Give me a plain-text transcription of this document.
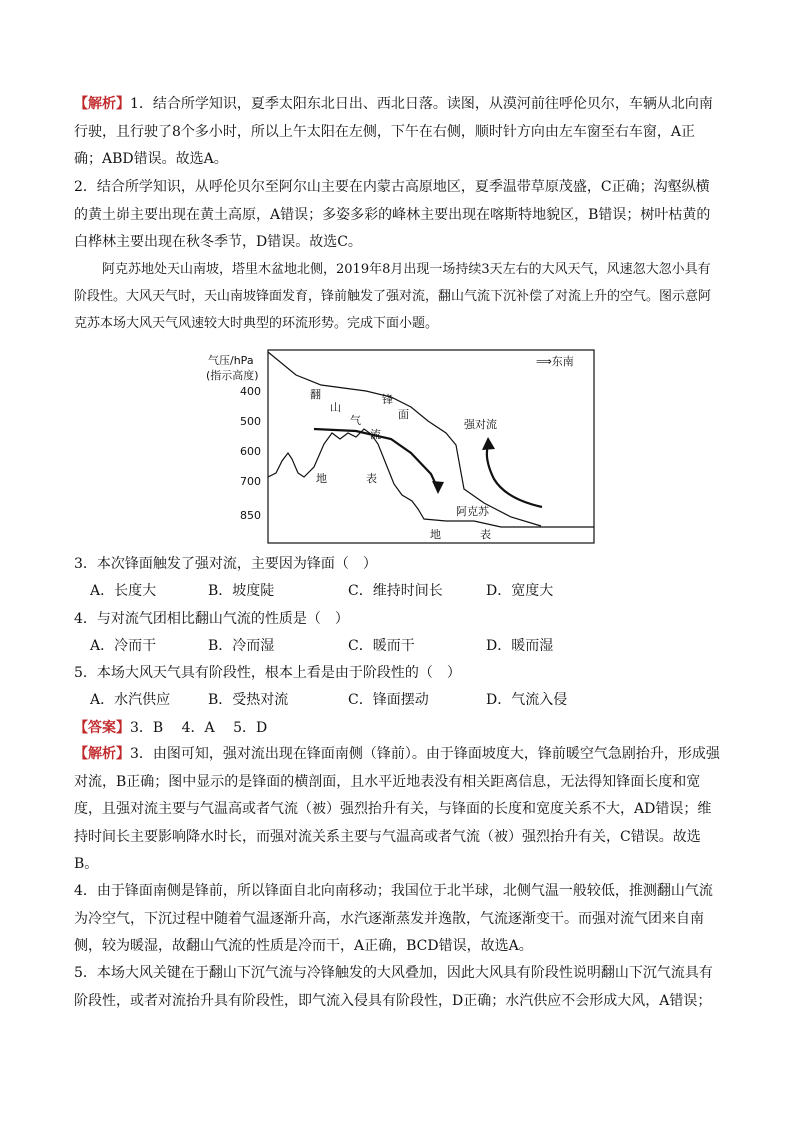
【解析】1．结合所学知识，夏季太阳东北日出、西北日落。读图，从漠河前往呼伦贝尔，车辆从北向南行驶，且行驶了8个多小时，所以上午太阳在左侧，下午在右侧，顺时针方向由左车窗至右车窗，A正确；ABD错误。故选A。
2．结合所学知识，从呼伦贝尔至阿尔山主要在内蒙古高原地区，夏季温带草原茂盛，C正确；沟壑纵横的黄土峁主要出现在黄土高原，A错误；多姿多彩的峰林主要出现在喀斯特地貌区，B错误；树叶枯黄的白桦林主要出现在秋冬季节，D错误。故选C。
阿克苏地处天山南坡，塔里木盆地北侧，2019年8月出现一场持续3天左右的大风天气，风速忽大忽小具有阶段性。大风天气时，天山南坡锋面发育，锋前触发了强对流，翻山气流下沉补偿了对流上升的空气。图示意阿克苏本场大风天气风速较大时典型的环流形势。完成下面小题。
气压/hPa
(指示高度)
⟹东南
400
500
600
700
850
锋
面
强对流
翻
山
气
流
地	表
阿克苏
地	表
3．本次锋面触发了强对流，主要因为锋面（　）
A．长度大	B．坡度陡	C．维持时间长	D．宽度大
4．与对流气团相比翻山气流的性质是（　）
A．冷而干	B．冷而湿	C．暖而干	D．暖而湿
5．本场大风天气具有阶段性，根本上看是由于阶段性的（　）
A．水汽供应	B．受热对流	C．锋面摆动	D．气流入侵
【答案】3．B　 4．A　 5．D
【解析】3．由图可知，强对流出现在锋面南侧（锋前）。由于锋面坡度大，锋前暖空气急剧抬升，形成强对流，B正确；图中显示的是锋面的横剖面，且水平近地表没有相关距离信息，无法得知锋面长度和宽度，且强对流主要与气温高或者气流（被）强烈抬升有关，与锋面的长度和宽度关系不大，AD错误；维持时间长主要影响降水时长，而强对流关系主要与气温高或者气流（被）强烈抬升有关，C错误。故选B。
4．由于锋面南侧是锋前，所以锋面自北向南移动；我国位于北半球，北侧气温一般较低，推测翻山气流为冷空气，下沉过程中随着气温逐渐升高，水汽逐渐蒸发并逸散，气流逐渐变干。而强对流气团来自南侧，较为暖湿，故翻山气流的性质是冷而干，A正确，BCD错误，故选A。
5．本场大风关键在于翻山下沉气流与冷锋触发的大风叠加，因此大风具有阶段性说明翻山下沉气流具有阶段性，或者对流抬升具有阶段性，即气流入侵具有阶段性，D正确；水汽供应不会形成大风，A错误；
